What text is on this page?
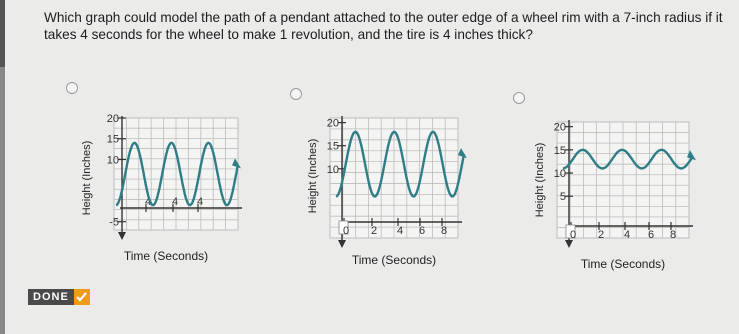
Which graph could model the path of a pendant attached to the outer edge of a wheel rim with a 7-inch radius if it takes 4 seconds for the wheel to make 1 revolution, and the tire is 4 inches thick?
20
15
10
-5
4 4 4
Time (Seconds)
Height (Inches)
20
15
10
0 2 4 6 8
Time (Seconds)
Height (Inches)
20
15
10
5
0 2 4 6 8
Time (Seconds)
Height (Inches)
DONE
